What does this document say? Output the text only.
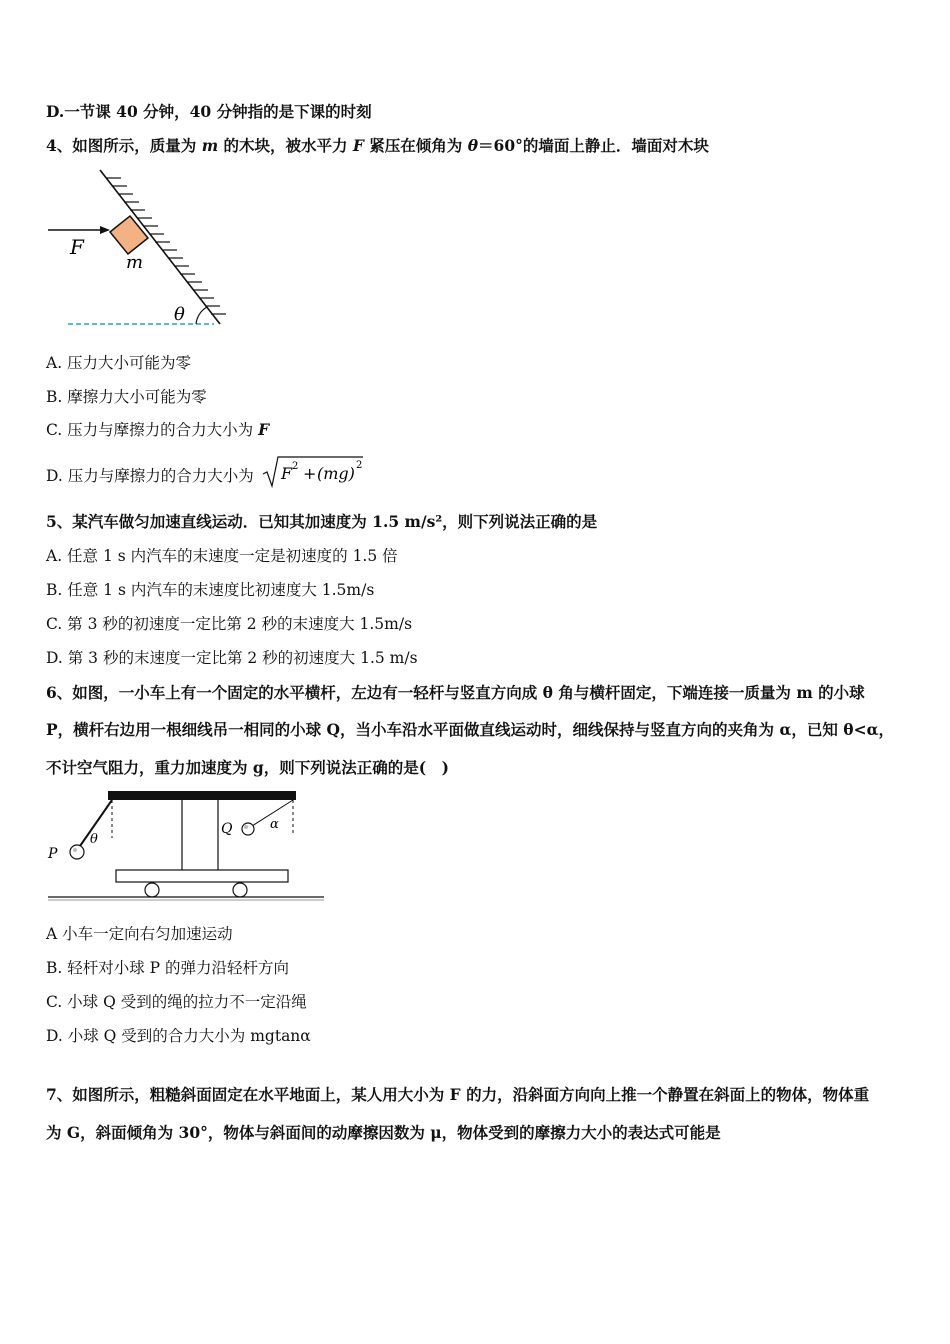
D.一节课 40 分钟，40 分钟指的是下课的时刻
4、如图所示，质量为 m 的木块，被水平力 F 紧压在倾角为 θ＝60°的墙面上静止．墙面对木块
F
m
θ
A. 压力大小可能为零
B. 摩擦力大小可能为零
C. 压力与摩擦力的合力大小为 F
D. 压力与摩擦力的合力大小为 F 2 + (mg) 2
5、某汽车做匀加速直线运动．已知其加速度为 1.5 m/s²，则下列说法正确的是
A. 任意 1 s 内汽车的末速度一定是初速度的 1.5 倍
B. 任意 1 s 内汽车的末速度比初速度大 1.5m/s
C. 第 3 秒的初速度一定比第 2 秒的末速度大 1.5m/s
D. 第 3 秒的末速度一定比第 2 秒的初速度大 1.5 m/s
6、如图，一小车上有一个固定的水平横杆，左边有一轻杆与竖直方向成 θ 角与横杆固定，下端连接一质量为 m 的小球
P，横杆右边用一根细线吊一相同的小球 Q，当小车沿水平面做直线运动时，细线保持与竖直方向的夹角为 α，已知 θ<α，
不计空气阻力，重力加速度为 g，则下列说法正确的是(　)
P
θ
Q	α
A 小车一定向右匀加速运动
B. 轻杆对小球 P 的弹力沿轻杆方向
C. 小球 Q 受到的绳的拉力不一定沿绳
D. 小球 Q 受到的合力大小为 mgtanα
7、如图所示，粗糙斜面固定在水平地面上，某人用大小为 F 的力，沿斜面方向向上推一个静置在斜面上的物体，物体重
为 G，斜面倾角为 30°，物体与斜面间的动摩擦因数为 μ，物体受到的摩擦力大小的表达式可能是
